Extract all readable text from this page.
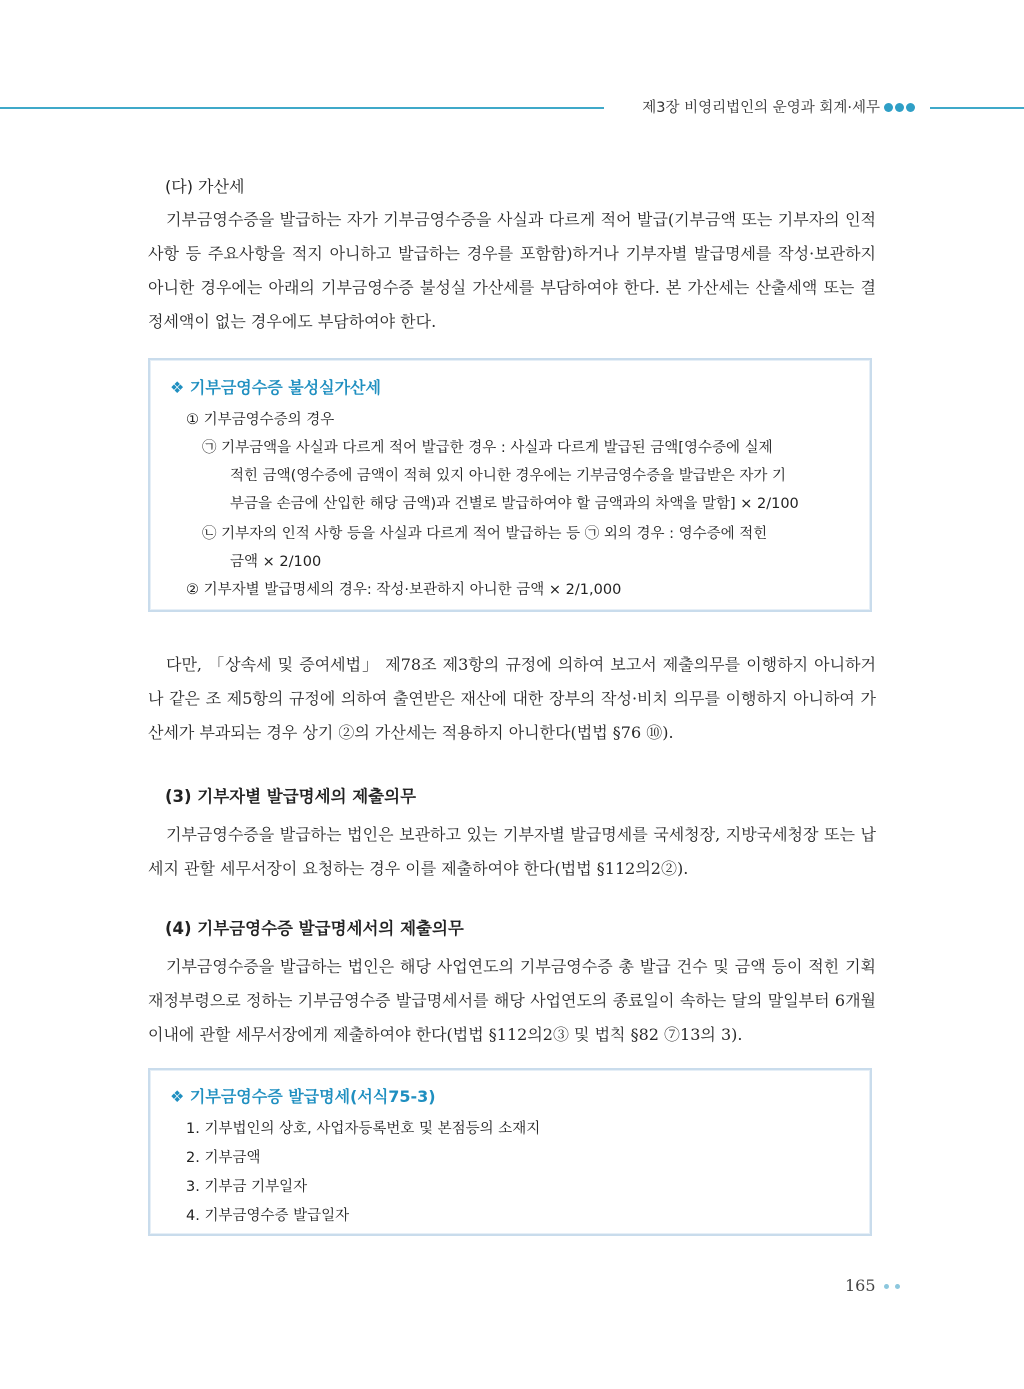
제3장 비영리법인의 운영과 회계·세무
(다) 가산세

기부금영수증을 발급하는 자가 기부금영수증을 사실과 다르게 적어 발급(기부금액 또는 기부자의 인적사항 등 주요사항을 적지 아니하고 발급하는 경우를 포함함)하거나 기부자별 발급명세를 작성·보관하지 아니한 경우에는 아래의 기부금영수증 불성실 가산세를 부담하여야 한다. 본 가산세는 산출세액 또는 결정세액이 없는 경우에도 부담하여야 한다.

❖ 기부금영수증 불성실가산세
① 기부금영수증의 경우
㉠ 기부금액을 사실과 다르게 적어 발급한 경우 : 사실과 다르게 발급된 금액[영수증에 실제
적힌 금액(영수증에 금액이 적혀 있지 아니한 경우에는 기부금영수증을 발급받은 자가 기
부금을 손금에 산입한 해당 금액)과 건별로 발급하여야 할 금액과의 차액을 말함] × 2/100
㉡ 기부자의 인적 사항 등을 사실과 다르게 적어 발급하는 등 ㉠ 외의 경우 : 영수증에 적힌
금액 × 2/100
② 기부자별 발급명세의 경우: 작성·보관하지 아니한 금액 × 2/1,000

다만, 「상속세 및 증여세법」 제78조 제3항의 규정에 의하여 보고서 제출의무를 이행하지 아니하거나 같은 조 제5항의 규정에 의하여 출연받은 재산에 대한 장부의 작성·비치 의무를 이행하지 아니하여 가산세가 부과되는 경우 상기 ②의 가산세는 적용하지 아니한다(법법 §76 ⑩).

(3) 기부자별 발급명세의 제출의무

기부금영수증을 발급하는 법인은 보관하고 있는 기부자별 발급명세를 국세청장, 지방국세청장 또는 납세지 관할 세무서장이 요청하는 경우 이를 제출하여야 한다(법법 §112의2②).

(4) 기부금영수증 발급명세서의 제출의무

기부금영수증을 발급하는 법인은 해당 사업연도의 기부금영수증 총 발급 건수 및 금액 등이 적힌 기획재정부령으로 정하는 기부금영수증 발급명세서를 해당 사업연도의 종료일이 속하는 달의 말일부터 6개월 이내에 관할 세무서장에게 제출하여야 한다(법법 §112의2③ 및 법칙 §82 ⑦13의 3).

❖ 기부금영수증 발급명세(서식75-3)
1. 기부법인의 상호, 사업자등록번호 및 본점등의 소재지
2. 기부금액
3. 기부금 기부일자
4. 기부금영수증 발급일자
165
